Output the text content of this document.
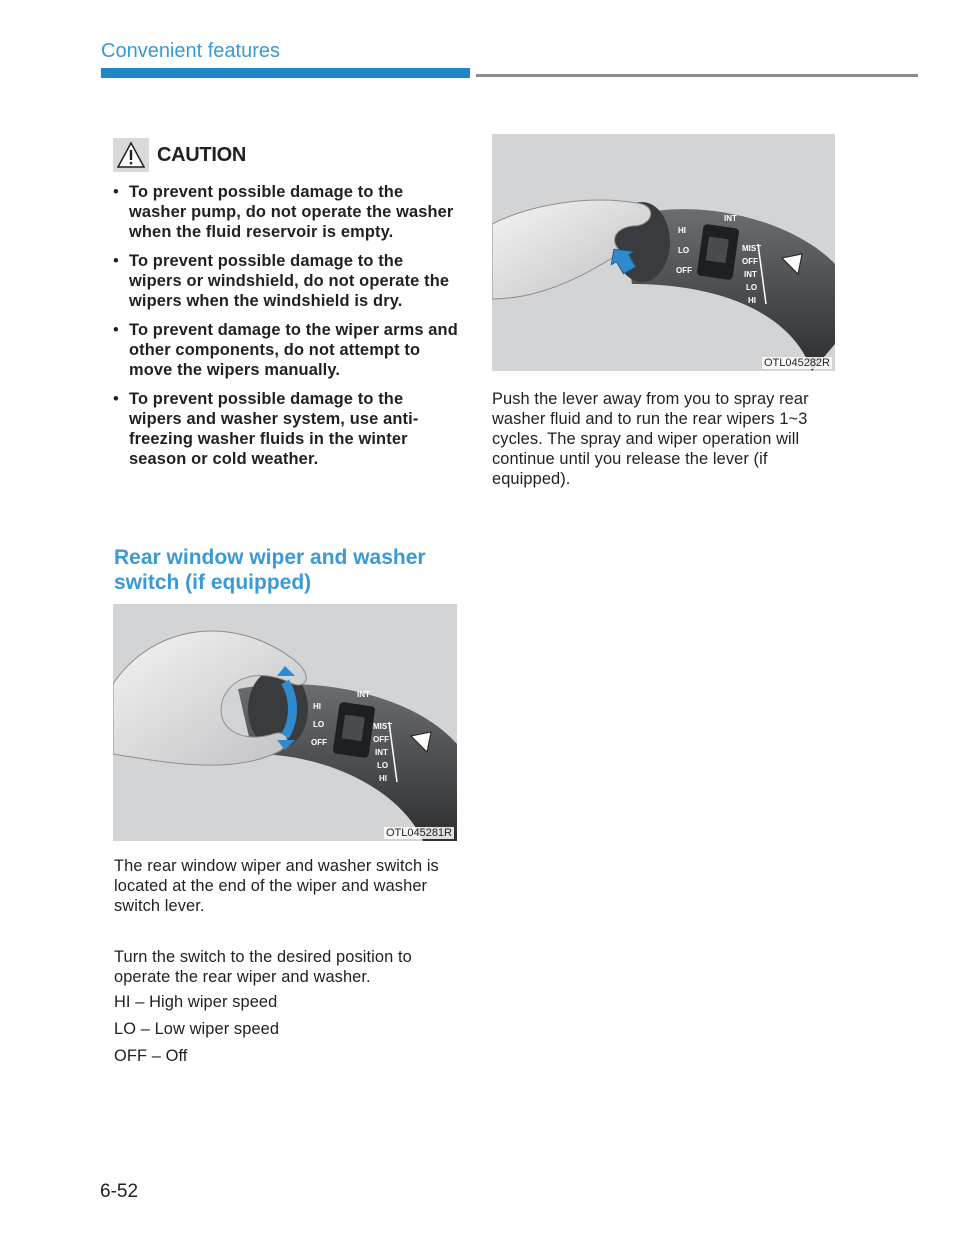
Convenient features
CAUTION
• To prevent possible damage to the washer pump, do not operate the washer when the fluid reservoir is empty.
• To prevent possible damage to the wipers or windshield, do not operate the wipers when the windshield is dry.
• To prevent damage to the wiper arms and other components, do not attempt to move the wipers manually.
• To prevent possible damage to the wipers and washer system, use anti-freezing washer fluids in the winter season or cold weather.
Rear window wiper and washer switch (if equipped)
HI
LO
OFF
MIST
OFF
INT
LO
HI
INT
OTL045281R
HI
LO
OFF
MIST
OFF
INT
LO
HI
INT
OTL045282R
The rear window wiper and washer switch is located at the end of the wiper and washer switch lever.
Turn the switch to the desired position to operate the rear wiper and washer.
HI – High wiper speed
LO – Low wiper speed
OFF – Off
Push the lever away from you to spray rear washer fluid and to run the rear wipers 1~3 cycles. The spray and wiper operation will continue until you release the lever (if equipped).
6-52
